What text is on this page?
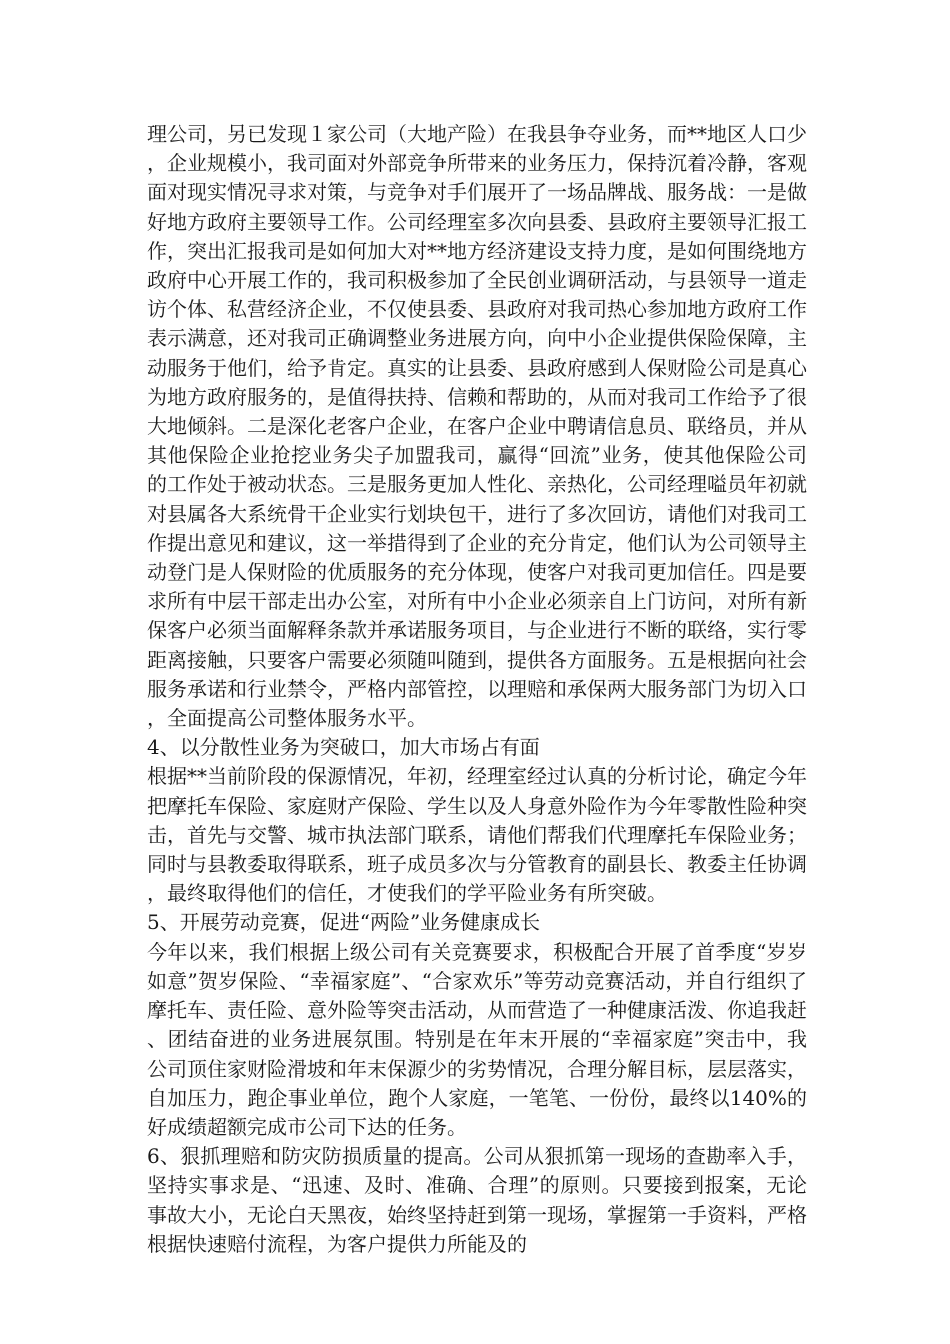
理公司，另已发现１家公司（大地产险）在我县争夺业务，而**地区人口少，企业规模小，我司面对外部竞争所带来的业务压力，保持沉着冷静，客观面对现实情况寻求对策，与竞争对手们展开了一场品牌战、服务战：一是做好地方政府主要领导工作。公司经理室多次向县委、县政府主要领导汇报工作，突出汇报我司是如何加大对**地方经济建设支持力度，是如何围绕地方政府中心开展工作的，我司积极参加了全民创业调研活动，与县领导一道走访个体、私营经济企业，不仅使县委、县政府对我司热心参加地方政府工作表示满意，还对我司正确调整业务进展方向，向中小企业提供保险保障，主动服务于他们，给予肯定。真实的让县委、县政府感到人保财险公司是真心为地方政府服务的，是值得扶持、信赖和帮助的，从而对我司工作给予了很大地倾斜。二是深化老客户企业，在客户企业中聘请信息员、联络员，并从其他保险企业抢挖业务尖子加盟我司，赢得“回流”业务，使其他保险公司的工作处于被动状态。三是服务更加人性化、亲热化，公司经理嗌员年初就对县属各大系统骨干企业实行划块包干，进行了多次回访，请他们对我司工作提出意见和建议，这一举措得到了企业的充分肯定，他们认为公司领导主动登门是人保财险的优质服务的充分体现，使客户对我司更加信任。四是要求所有中层干部走出办公室，对所有中小企业必须亲自上门访问，对所有新保客户必须当面解释条款并承诺服务项目，与企业进行不断的联络，实行零距离接触，只要客户需要必须随叫随到，提供各方面服务。五是根据向社会服务承诺和行业禁令，严格内部管控，以理赔和承保两大服务部门为切入口，全面提高公司整体服务水平。

4、以分散性业务为突破口，加大市场占有面

根据**当前阶段的保源情况，年初，经理室经过认真的分析讨论，确定今年把摩托车保险、家庭财产保险、学生以及人身意外险作为今年零散性险种突击，首先与交警、城市执法部门联系，请他们帮我们代理摩托车保险业务；同时与县教委取得联系，班子成员多次与分管教育的副县长、教委主任协调，最终取得他们的信任，才使我们的学平险业务有所突破。

5、开展劳动竞赛，促进“两险”业务健康成长

今年以来，我们根据上级公司有关竞赛要求，积极配合开展了首季度“岁岁如意”贺岁保险、“幸福家庭”、“合家欢乐”等劳动竞赛活动，并自行组织了摩托车、责任险、意外险等突击活动，从而营造了一种健康活泼、你追我赶、团结奋进的业务进展氛围。特别是在年末开展的“幸福家庭”突击中，我公司顶住家财险滑坡和年末保源少的劣势情况，合理分解目标，层层落实，自加压力，跑企事业单位，跑个人家庭，一笔笔、一份份，最终以140%的好成绩超额完成市公司下达的任务。

6、狠抓理赔和防灾防损质量的提高。公司从狠抓第一现场的查勘率入手，坚持实事求是、“迅速、及时、准确、合理”的原则。只要接到报案，无论事故大小，无论白天黑夜，始终坚持赶到第一现场，掌握第一手资料，严格根据快速赔付流程，为客户提供力所能及的
